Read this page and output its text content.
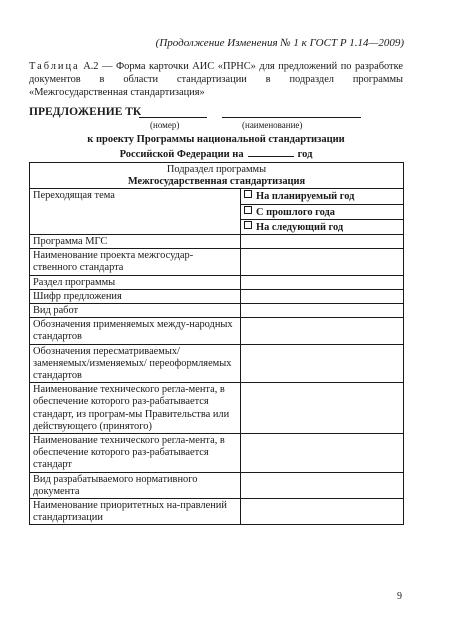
(Продолжение Изменения № 1 к ГОСТ Р 1.14—2009)
Таблица А.2 — Форма карточки АИС «ПРНС» для предложений по разработке документов в области стандартизации в подраздел программы «Межгосударственная стандартизация»
ПРЕДЛОЖЕНИЕ ТК
(номер)	(наименование)
к проекту Программы национальной стандартизации
Российской Федерации на	год
Подраздел программы
Межгосударственная стандартизация	

Переходящая тема	На планируемый год
	С прошлого года
	На следующий год
Программа МГС	
Наименование проекта межгосудар-ственного стандарта	
Раздел программы	
Шифр предложения	
Вид работ	
Обозначения применяемых между-народных стандартов	
Обозначения пересматриваемых/ заменяемых/изменяемых/ переоформляемых стандартов	
Наименование технического регла-мента, в обеспечение которого раз-рабатывается стандарт, из програм-мы Правительства или действующего (принятого)	
Наименование технического регла-мента, в обеспечение которого раз-рабатывается стандарт	
Вид разрабатываемого нормативного документа	
Наименование приоритетных на-правлений стандартизации	
9
